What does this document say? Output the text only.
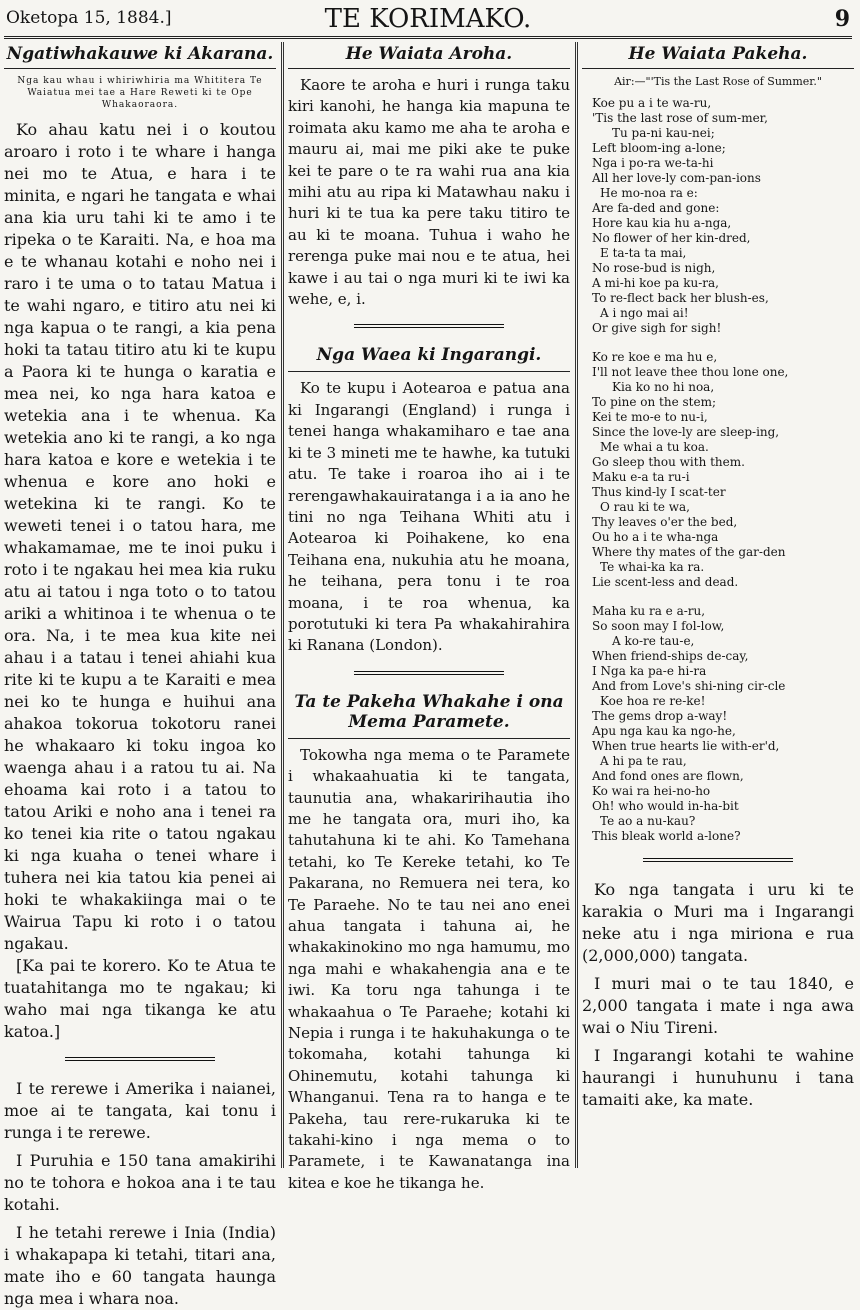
Oketopa 15, 1884.]	TE KORIMAKO.	9
Ngatiwhakauwe ki Akarana.
Nga kau whau i whiriwhiria ma Whititera Te Waiatua mei tae a Hare Reweti ki te Ope Whakaoraora.

Ko ahau katu nei i o koutou aroaro i roto i te whare i hanga nei mo te Atua, e hara i te minita, e ngari he tangata e whai ana kia uru tahi ki te amo i te ripeka o te Karaiti. Na, e hoa ma e te whanau kotahi e noho nei i raro i te uma o to tatau Matua i te wahi ngaro, e titiro atu nei ki nga kapua o te rangi, a kia pena hoki ta tatau titiro atu ki te kupu a Paora ki te hunga o karatia e mea nei, ko nga hara katoa e wetekia ana i te whenua. Ka wetekia ano ki te rangi, a ko nga hara katoa e kore e wetekia i te whenua e kore ano hoki e wetekina ki te rangi. Ko te weweti tenei i o tatou hara, me whakamamae, me te inoi puku i roto i te ngakau hei mea kia ruku atu ai tatou i nga toto o to tatou ariki a whitinoa i te whenua o te ora. Na, i te mea kua kite nei ahau i a tatau i tenei ahiahi kua rite ki te kupu a te Karaiti e mea nei ko te hunga e huihui ana ahakoa tokorua tokotoru ranei he whakaaro ki toku ingoa ko waenga ahau i a ratou tu ai. Na ehoama kai roto i a tatou to tatou Ariki e noho ana i tenei ra ko tenei kia rite o tatou ngakau ki nga kuaha o tenei whare i tuhera nei kia tatou kia penei ai hoki te whakakiinga mai o te Wairua Tapu ki roto i o tatou ngakau.

[Ka pai te korero. Ko te Atua te tuatahitanga mo te ngakau; ki waho mai nga tikanga ke atu katoa.]

I te rerewe i Amerika i naianei, moe ai te tangata, kai tonu i runga i te rerewe.

I Puruhia e 150 tana amakirihi no te tohora e hokoa ana i te tau kotahi.

I he tetahi rerewe i Inia (India) i whakapapa ki tetahi, titari ana, mate iho e 60 tangata haunga nga mea i whara noa.

He Waiata Aroha.

Kaore te aroha e huri i runga taku kiri kanohi, he hanga kia mapuna te roimata aku kamo me aha te aroha e mauru ai, mai me piki ake te puke kei te pare o te ra wahi rua ana kia mihi atu au ripa ki Matawhau naku i huri ki te tua ka pere taku titiro te au ki te moana. Tuhua i waho he rerenga puke mai nou e te atua, hei kawe i au tai o nga muri ki te iwi ka wehe, e, i.

Nga Waea ki Ingarangi.

Ko te kupu i Aotearoa e patua ana ki Ingarangi (England) i runga i tenei hanga whakamiharo e tae ana ki te 3 mineti me te hawhe, ka tutuki atu. Te take i roaroa iho ai i te rerengawhakauiratanga i a ia ano he tini no nga Teihana Whiti atu i Aotearoa ki Poihakene, ko ena Teihana ena, nukuhia atu he moana, he teihana, pera tonu i te roa moana, i te roa whenua, ka porotutuki ki tera Pa whakahirahira ki Ranana (London).

Ta te Pakeha Whakahe i ona Mema Paramete.

Tokowha nga mema o te Paramete i whakaahuatia ki te tangata, taunutia ana, whakaririhautia iho me he tangata ora, muri iho, ka tahutahuna ki te ahi. Ko Tamehana tetahi, ko Te Kereke tetahi, ko Te Pakarana, no Remuera nei tera, ko Te Paraehe. No te tau nei ano enei ahua tangata i tahuna ai, he whakakinokino mo nga hamumu, mo nga mahi e whakahengia ana e te iwi. Ka toru nga tahunga i te whakaahua o Te Paraehe; kotahi ki Nepia i runga i te hakuhakunga o te tokomaha, kotahi tahunga ki Ohinemutu, kotahi tahunga ki Whanganui. Tena ra to hanga e te Pakeha, tau rere-rukaruka ki te takahi-kino i nga mema o to Paramete, i te Kawanatanga ina kitea e koe he tikanga he.

He Waiata Pakeha.
Air:—"'Tis the Last Rose of Summer."
Koe pu a i te wa-ru,
'Tis the last rose of sum-mer,
Tu pa-ni kau-nei;
Left bloom-ing a-lone;
Nga i po-ra we-ta-hi
All her love-ly com-pan-ions
He mo-noa ra e:
Are fa-ded and gone:
Hore kau kia hu a-nga,
No flower of her kin-dred,
E ta-ta ta mai,
No rose-bud is nigh,
A mi-hi koe pa ku-ra,
To re-flect back her blush-es,
A i ngo mai ai!
Or give sigh for sigh!
Ko re koe e ma hu e,
I'll not leave thee thou lone one,
Kia ko no hi noa,
To pine on the stem;
Kei te mo-e to nu-i,
Since the love-ly are sleep-ing,
Me whai a tu koa.
Go sleep thou with them.
Maku e-a ta ru-i
Thus kind-ly I scat-ter
O rau ki te wa,
Thy leaves o'er the bed,
Ou ho a i te wha-nga
Where thy mates of the gar-den
Te whai-ka ka ra.
Lie scent-less and dead.
Maha ku ra e a-ru,
So soon may I fol-low,
A ko-re tau-e,
When friend-ships de-cay,
I Nga ka pa-e hi-ra
And from Love's shi-ning cir-cle
Koe hoa re re-ke!
The gems drop a-way!
Apu nga kau ka ngo-he,
When true hearts lie with-er'd,
A hi pa te rau,
And fond ones are flown,
Ko wai ra hei-no-ho
Oh! who would in-ha-bit
Te ao a nu-kau?
This bleak world a-lone?

Ko nga tangata i uru ki te karakia o Muri ma i Ingarangi neke atu i nga miriona e rua (2,000,000) tangata.

I muri mai o te tau 1840, e 2,000 tangata i mate i nga awa wai o Niu Tireni.

I Ingarangi kotahi te wahine haurangi i hunuhunu i tana tamaiti ake, ka mate.
